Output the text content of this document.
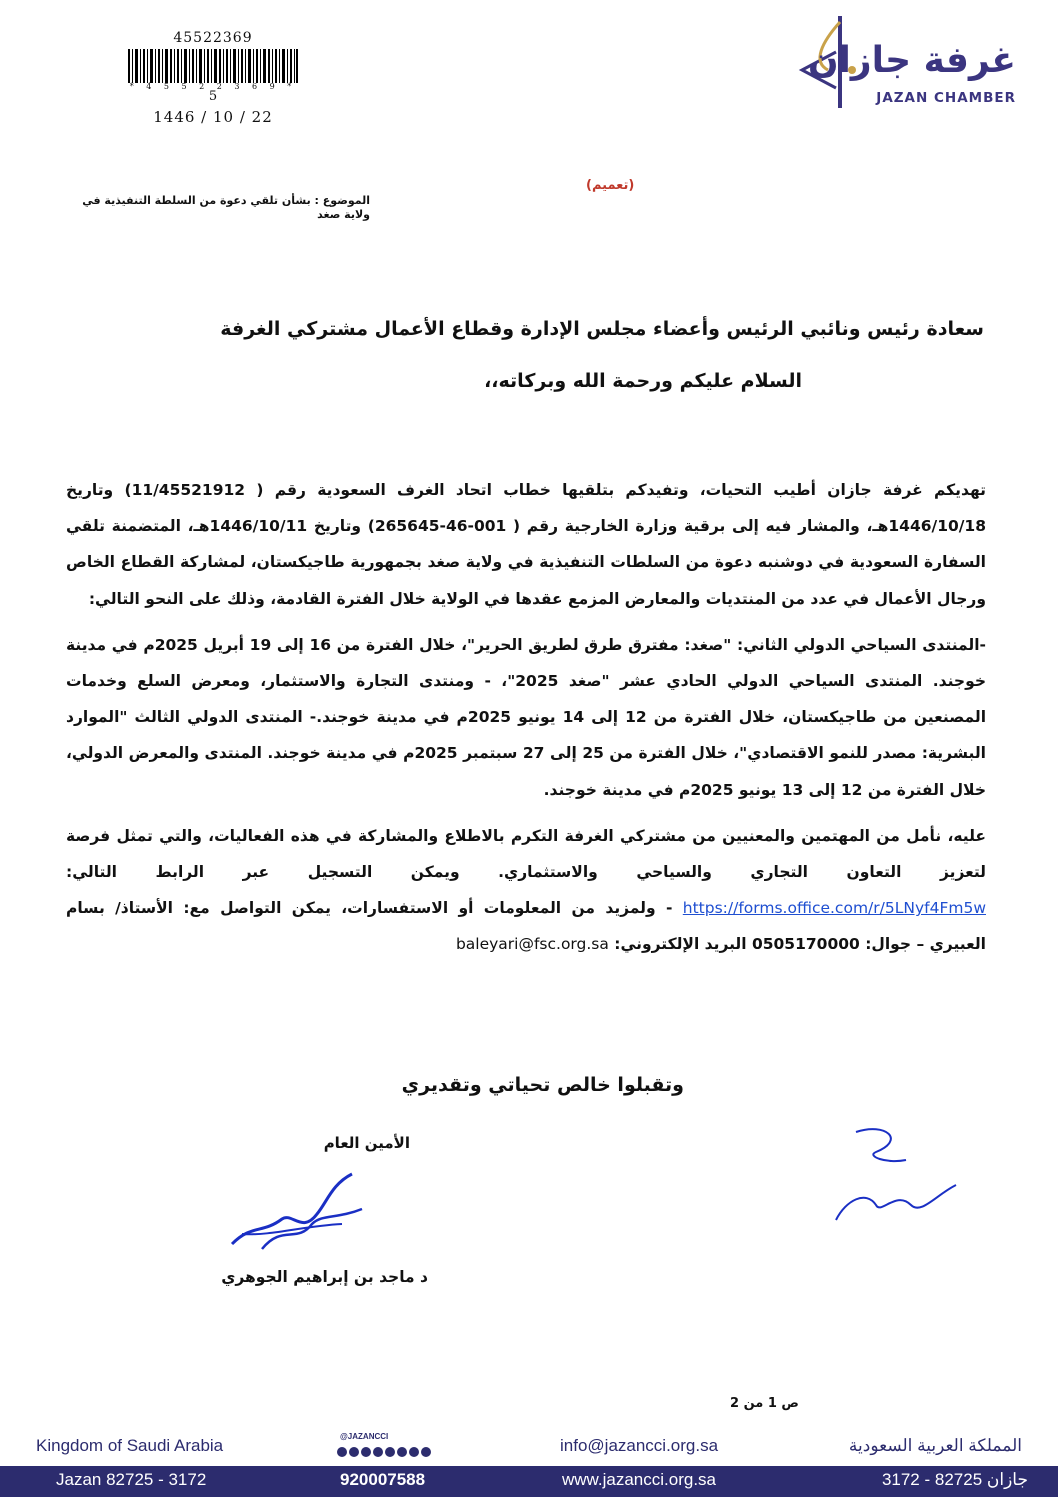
45522369
* 4 5 5 2 2 3 6 9 *
5
1446 / 10 / 22
غرفة جازان
JAZAN CHAMBER
(تعميم)
الموضوع : بشأن تلقي دعوة من السلطة التنفيذية في ولاية صغد
سعادة رئيس ونائبي الرئيس وأعضاء مجلس الإدارة وقطاع الأعمال مشتركي الغرفة
السلام عليكم ورحمة الله وبركاته،،

تهديكم غرفة جازان أطيب التحيات، وتفيدكم بتلقيها خطاب اتحاد الغرف السعودية رقم ( 11/45521912) وتاريخ 1446/10/18هـ، والمشار فيه إلى برقية وزارة الخارجية رقم ( 001-46-265645) وتاريخ 1446/10/11هـ، المتضمنة تلقي السفارة السعودية في دوشنبه دعوة من السلطات التنفيذية في ولاية صغد بجمهورية طاجيكستان، لمشاركة القطاع الخاص ورجال الأعمال في عدد من المنتديات والمعارض المزمع عقدها في الولاية خلال الفترة القادمة، وذلك على النحو التالي:

-المنتدى السياحي الدولي الثاني: "صغد: مفترق طرق لطريق الحرير"، خلال الفترة من 16 إلى 19 أبريل 2025م في مدينة خوجند. المنتدى السياحي الدولي الحادي عشر "صغد 2025"، - ومنتدى التجارة والاستثمار، ومعرض السلع وخدمات المصنعين من طاجيكستان، خلال الفترة من 12 إلى 14 يونيو 2025م في مدينة خوجند.- المنتدى الدولي الثالث "الموارد البشرية: مصدر للنمو الاقتصادي"، خلال الفترة من 25 إلى 27 سبتمبر 2025م في مدينة خوجند. المنتدى والمعرض الدولي، خلال الفترة من 12 إلى 13 يونيو 2025م في مدينة خوجند.

عليه، نأمل من المهتمين والمعنيين من مشتركي الغرفة التكرم بالاطلاع والمشاركة في هذه الفعاليات، والتي تمثل فرصة لتعزيز التعاون التجاري والسياحي والاستثماري. ويمكن التسجيل عبر الرابط التالي: https://forms.office.com/r/5LNyf4Fm5w - ولمزيد من المعلومات أو الاستفسارات، يمكن التواصل مع: الأستاذ/ بسام العبيري – جوال: 0505170000 البريد الإلكتروني: baleyari@fsc.org.sa

وتقبلوا خالص تحياتي وتقديري
الأمين العام
د ماجد بن إبراهيم الجوهري
ص 1 من 2
Kingdom of Saudi Arabia	@JAZANCCI	info@jazancci.org.sa	المملكة العربية السعودية
Jazan 82725 - 3172	920007588	www.jazancci.org.sa	جازان 82725 - 3172
